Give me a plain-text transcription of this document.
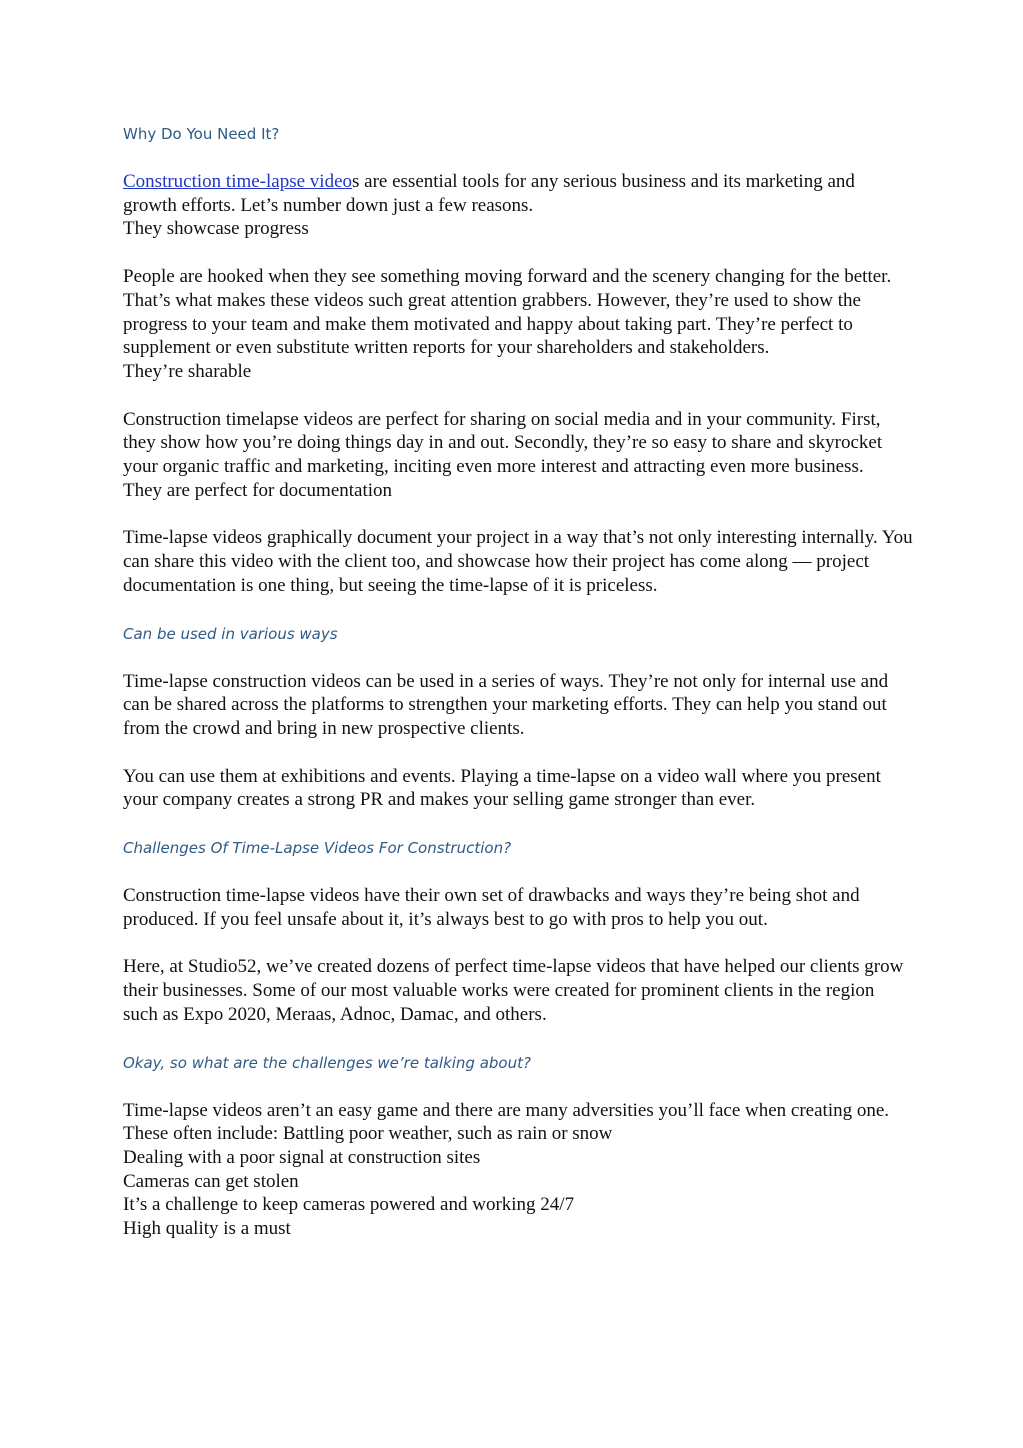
Why Do You Need It?

Construction time-lapse videos are essential tools for any serious business and its marketing and growth efforts. Let’s number down just a few reasons.

They showcase progress

People are hooked when they see something moving forward and the scenery changing for the better. That’s what makes these videos such great attention grabbers. However, they’re used to show the progress to your team and make them motivated and happy about taking part. They’re perfect to supplement or even substitute written reports for your shareholders and stakeholders.

They’re sharable

Construction timelapse videos are perfect for sharing on social media and in your community. First, they show how you’re doing things day in and out. Secondly, they’re so easy to share and skyrocket your organic traffic and marketing, inciting even more interest and attracting even more business.

They are perfect for documentation

Time-lapse videos graphically document your project in a way that’s not only interesting internally. You can share this video with the client too, and showcase how their project has come along — project documentation is one thing, but seeing the time-lapse of it is priceless.

Can be used in various ways

Time-lapse construction videos can be used in a series of ways. They’re not only for internal use and can be shared across the platforms to strengthen your marketing efforts. They can help you stand out from the crowd and bring in new prospective clients.

You can use them at exhibitions and events. Playing a time-lapse on a video wall where you present your company creates a strong PR and makes your selling game stronger than ever.

Challenges Of Time-Lapse Videos For Construction?

Construction time-lapse videos have their own set of drawbacks and ways they’re being shot and produced. If you feel unsafe about it, it’s always best to go with pros to help you out.

Here, at Studio52, we’ve created dozens of perfect time-lapse videos that have helped our clients grow their businesses. Some of our most valuable works were created for prominent clients in the region such as Expo 2020, Meraas, Adnoc, Damac, and others.

Okay, so what are the challenges we’re talking about?

Time-lapse videos aren’t an easy game and there are many adversities you’ll face when creating one. These often include: Battling poor weather, such as rain or snow

Dealing with a poor signal at construction sites

Cameras can get stolen

It’s a challenge to keep cameras powered and working 24/7

High quality is a must
